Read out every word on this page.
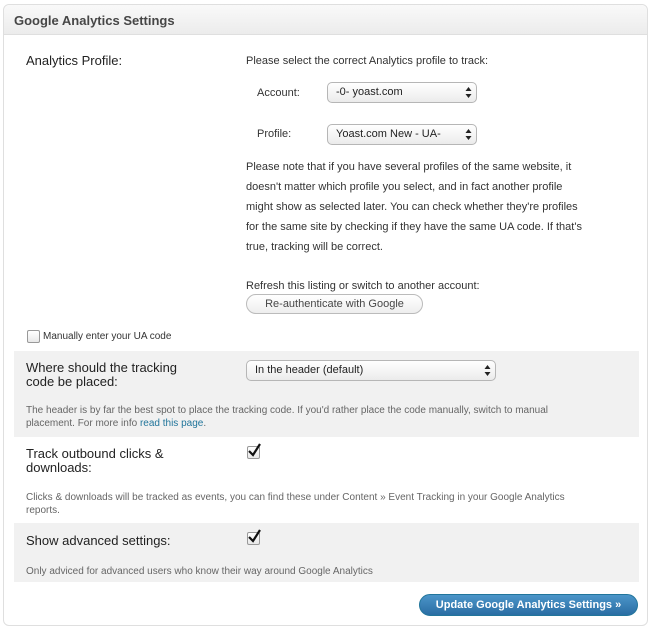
Google Analytics Settings
Analytics Profile:	Please select the correct Analytics profile to track:
Account:	-0- yoast.com
Profile:	Yoast.com New - UA-
Please note that if you have several profiles of the same website, it
doesn't matter which profile you select, and in fact another profile
might show as selected later. You can check whether they're profiles
for the same site by checking if they have the same UA code. If that's
true, tracking will be correct.
Refresh this listing or switch to another account:
Re-authenticate with Google
Manually enter your UA code
Where should the tracking
code be placed:
In the header (default)
The header is by far the best spot to place the tracking code. If you'd rather place the code manually, switch to manual
placement. For more info read this page.
Track outbound clicks &
downloads:
Clicks & downloads will be tracked as events, you can find these under Content » Event Tracking in your Google Analytics
reports.
Show advanced settings:
Only adviced for advanced users who know their way around Google Analytics
Update Google Analytics Settings »
